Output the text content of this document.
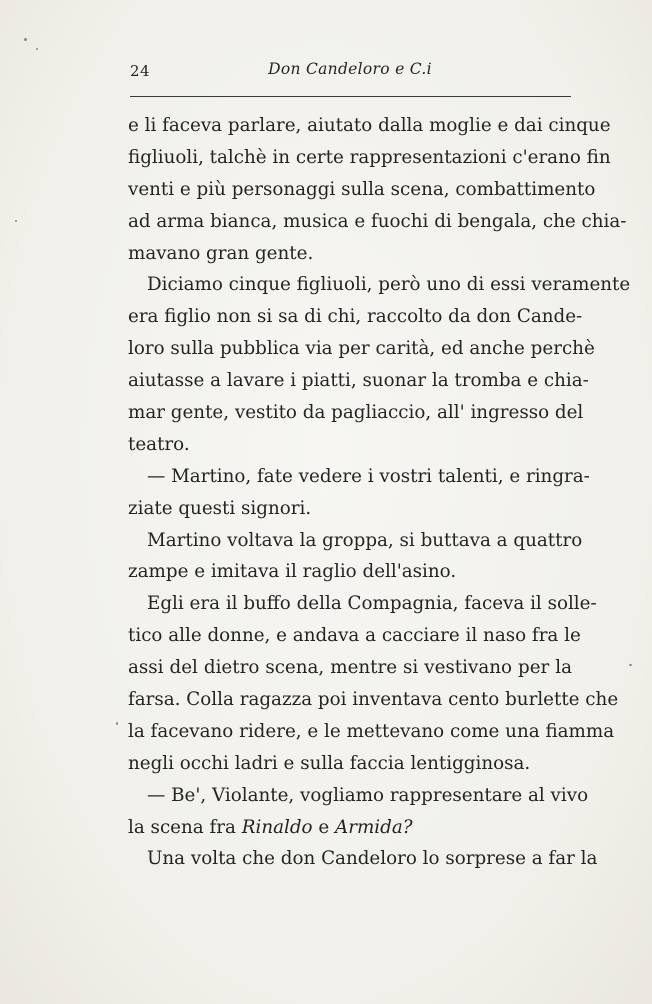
24	Don Candeloro e C.i
e li faceva parlare, aiutato dalla moglie e dai cinque
figliuoli, talchè in certe rappresentazioni c'erano fin
venti e più personaggi sulla scena, combattimento
ad arma bianca, musica e fuochi di bengala, che chia-
mavano gran gente.
Diciamo cinque figliuoli, però uno di essi veramente
era figlio non si sa di chi, raccolto da don Cande-
loro sulla pubblica via per carità, ed anche perchè
aiutasse a lavare i piatti, suonar la tromba e chia-
mar gente, vestito da pagliaccio, all' ingresso del
teatro.
— Martino, fate vedere i vostri talenti, e ringra-
ziate questi signori.
Martino voltava la groppa, si buttava a quattro
zampe e imitava il raglio dell'asino.
Egli era il buffo della Compagnia, faceva il solle-
tico alle donne, e andava a cacciare il naso fra le
assi del dietro scena, mentre si vestivano per la
farsa. Colla ragazza poi inventava cento burlette che
la facevano ridere, e le mettevano come una fiamma
negli occhi ladri e sulla faccia lentigginosa.
— Be', Violante, vogliamo rappresentare al vivo
la scena fra Rinaldo e Armida?
Una volta che don Candeloro lo sorprese a far la
